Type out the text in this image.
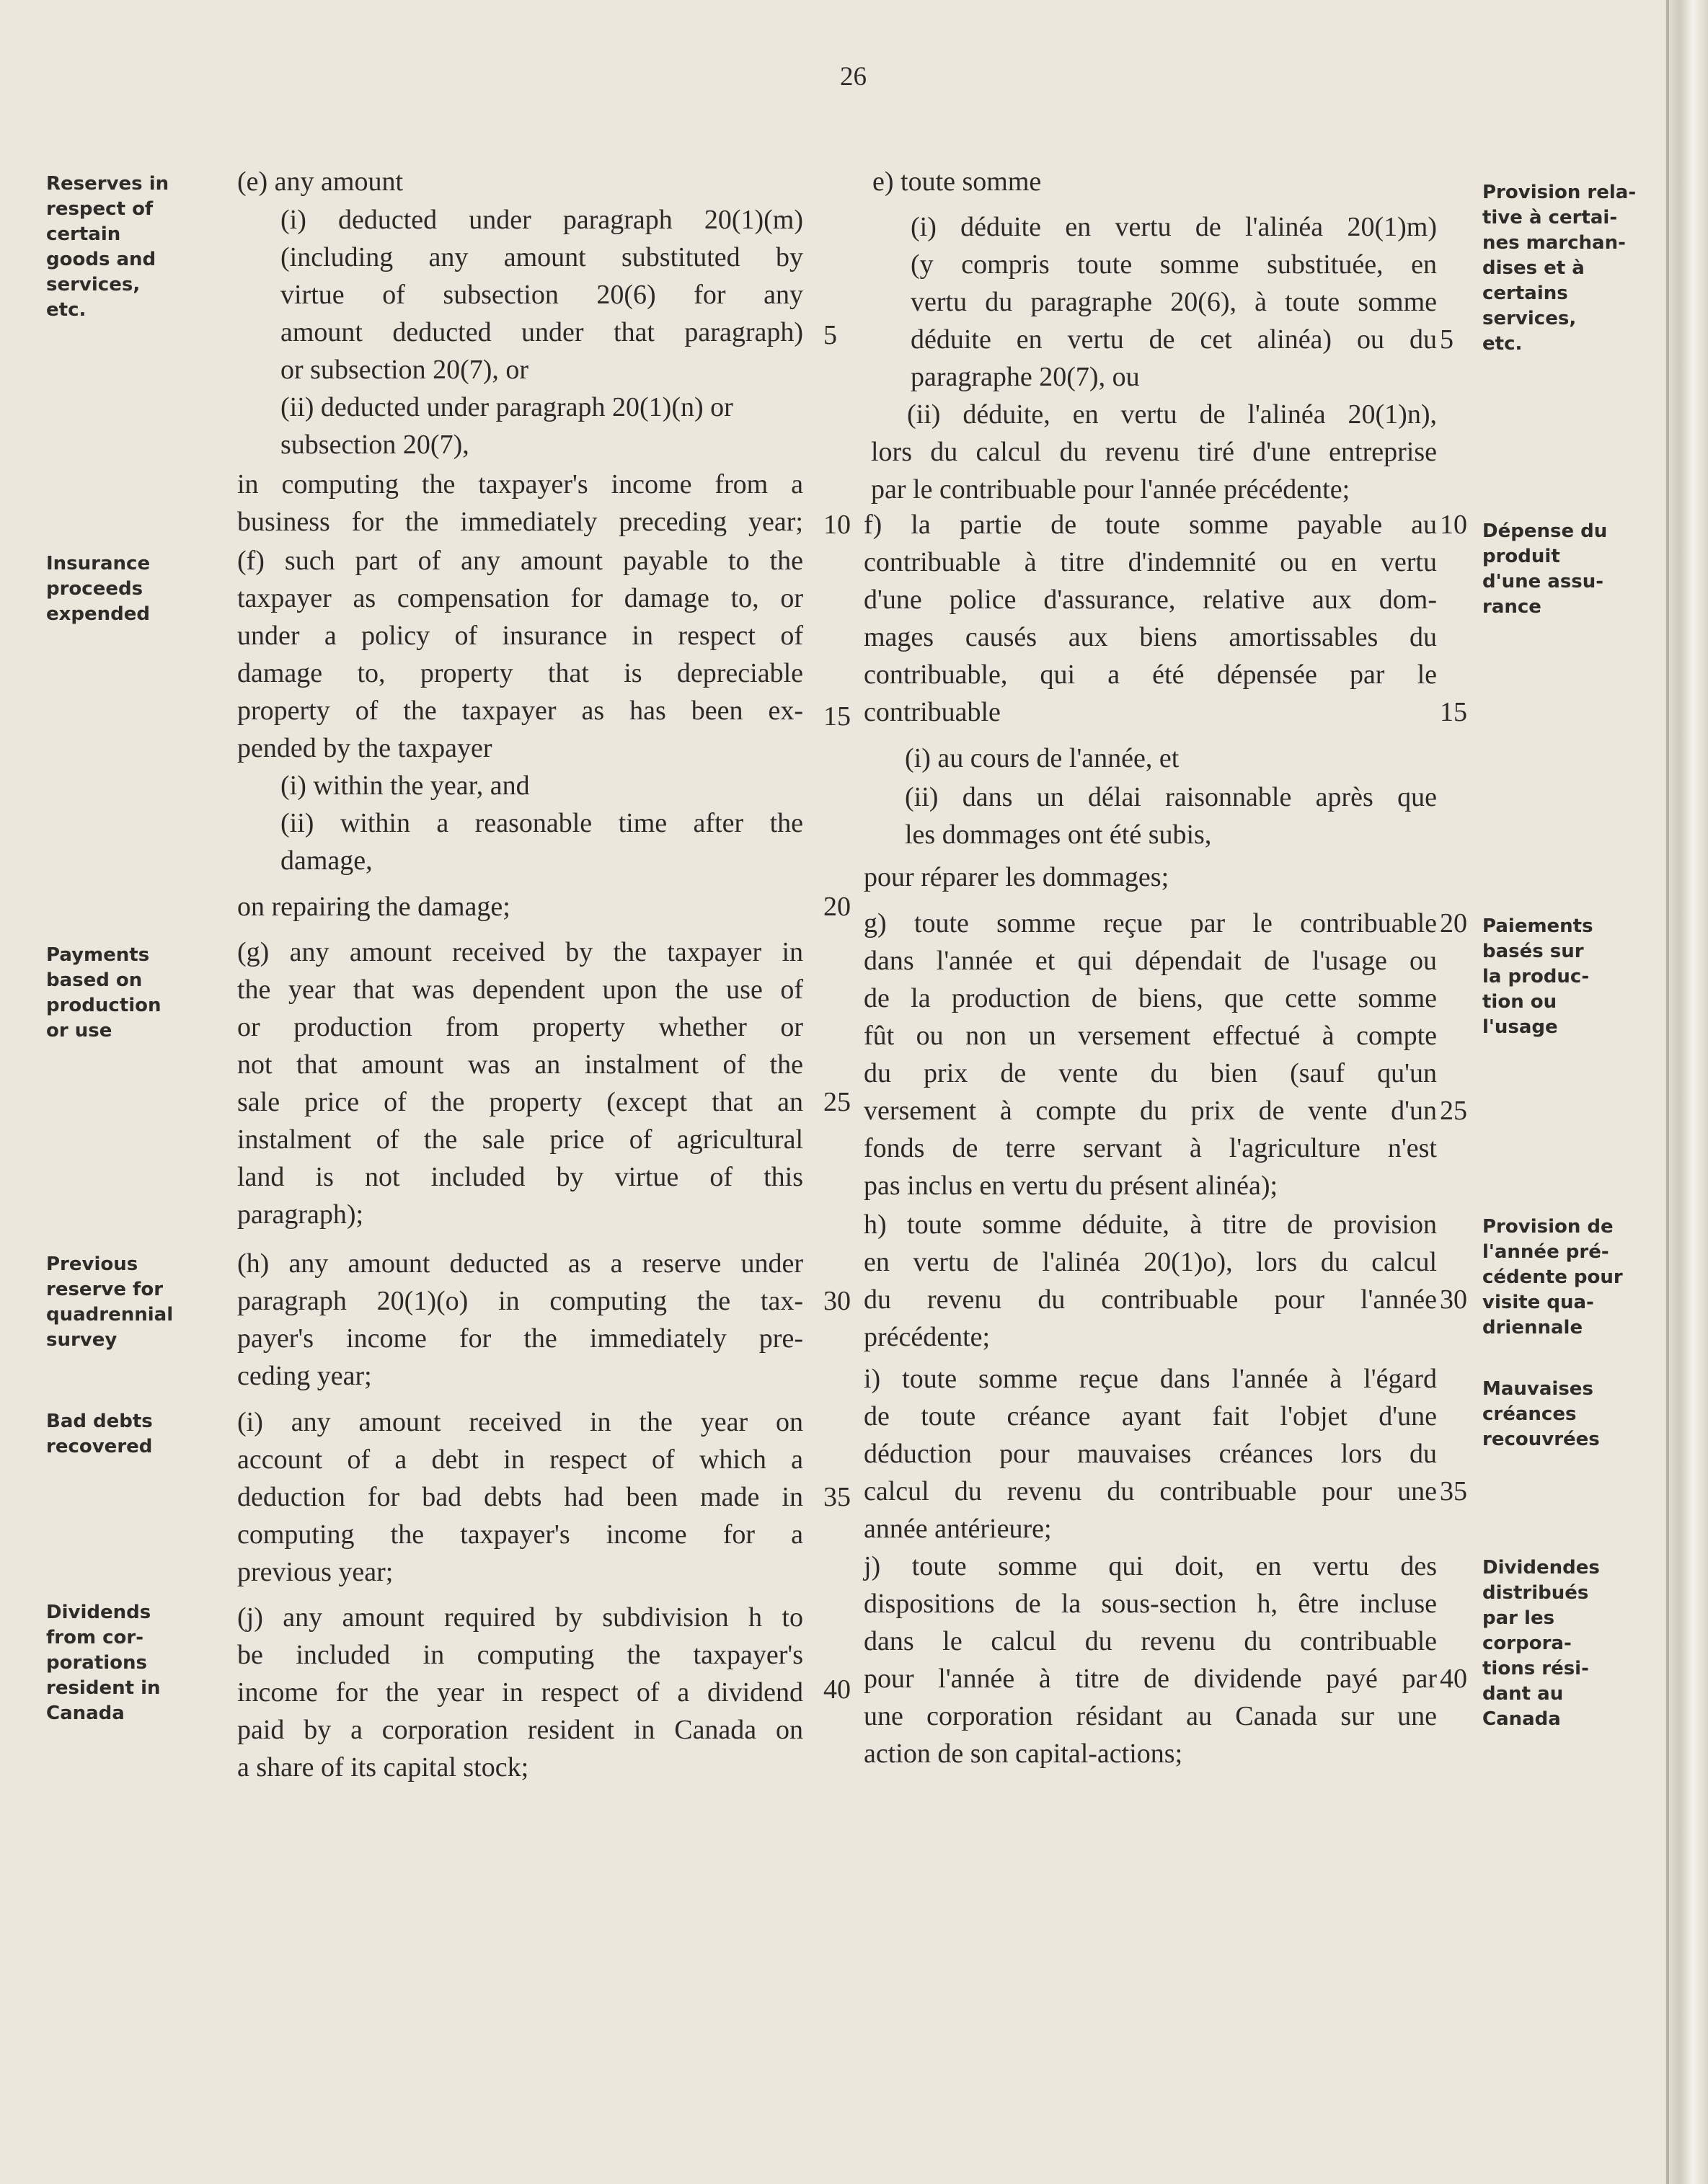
26
Reserves in
respect of
certain
goods and
services,
etc.
Insurance
proceeds
expended
Payments
based on
production
or use
Previous
reserve for
quadrennial
survey
Bad debts
recovered
Dividends
from cor-
porations
resident in
Canada
Provision rela-
tive à certai-
nes marchan-
dises et à
certains
services,
etc.
Dépense du
produit
d'une assu-
rance
Paiements
basés sur
la produc-
tion ou
l'usage
Provision de
l'année pré-
cédente pour
visite qua-
driennale
Mauvaises
créances
recouvrées
Dividendes
distribués
par les
corpora-
tions rési-
dant au
Canada
(e) any amount
(i) deducted under paragraph 20(1)(m)
(including any amount substituted by
virtue of subsection 20(6) for any
amount deducted under that paragraph)
or subsection 20(7), or
(ii) deducted under paragraph 20(1)(n) or
subsection 20(7),
in computing the taxpayer's income from a
business for the immediately preceding year;
(f) such part of any amount payable to the
taxpayer as compensation for damage to, or
under a policy of insurance in respect of
damage to, property that is depreciable
property of the taxpayer as has been ex-
pended by the taxpayer
(i) within the year, and
(ii) within a reasonable time after the
damage,
on repairing the damage;
(g) any amount received by the taxpayer in
the year that was dependent upon the use of
or production from property whether or
not that amount was an instalment of the
sale price of the property (except that an
instalment of the sale price of agricultural
land is not included by virtue of this
paragraph);
(h) any amount deducted as a reserve under
paragraph 20(1)(o) in computing the tax-
payer's income for the immediately pre-
ceding year;
(i) any amount received in the year on
account of a debt in respect of which a
deduction for bad debts had been made in
computing the taxpayer's income for a
previous year;
(j) any amount required by subdivision h to
be included in computing the taxpayer's
income for the year in respect of a dividend
paid by a corporation resident in Canada on
a share of its capital stock;
5
10
15
20
25
30
35
40
e) toute somme
(i) déduite en vertu de l'alinéa 20(1)m)
(y compris toute somme substituée, en
vertu du paragraphe 20(6), à toute somme
déduite en vertu de cet alinéa) ou du
paragraphe 20(7), ou
(ii) déduite, en vertu de l'alinéa 20(1)n),
lors du calcul du revenu tiré d'une entreprise
par le contribuable pour l'année précédente;
f) la partie de toute somme payable au
contribuable à titre d'indemnité ou en vertu
d'une police d'assurance, relative aux dom-
mages causés aux biens amortissables du
contribuable, qui a été dépensée par le
contribuable
(i) au cours de l'année, et
(ii) dans un délai raisonnable après que
les dommages ont été subis,
pour réparer les dommages;
g) toute somme reçue par le contribuable
dans l'année et qui dépendait de l'usage ou
de la production de biens, que cette somme
fût ou non un versement effectué à compte
du prix de vente du bien (sauf qu'un
versement à compte du prix de vente d'un
fonds de terre servant à l'agriculture n'est
pas inclus en vertu du présent alinéa);
h) toute somme déduite, à titre de provision
en vertu de l'alinéa 20(1)o), lors du calcul
du revenu du contribuable pour l'année
précédente;
i) toute somme reçue dans l'année à l'égard
de toute créance ayant fait l'objet d'une
déduction pour mauvaises créances lors du
calcul du revenu du contribuable pour une
année antérieure;
j) toute somme qui doit, en vertu des
dispositions de la sous-section h, être incluse
dans le calcul du revenu du contribuable
pour l'année à titre de dividende payé par
une corporation résidant au Canada sur une
action de son capital-actions;
5
10
15
20
25
30
35
40
